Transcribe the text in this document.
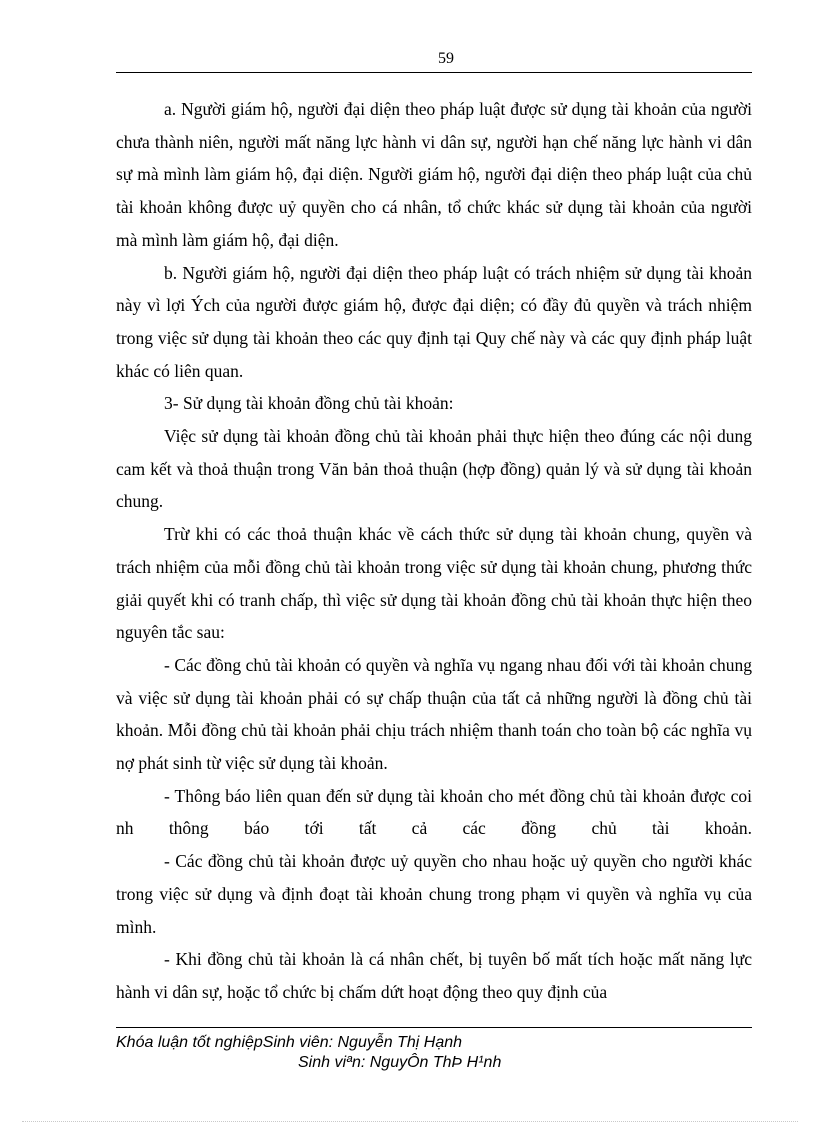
59

a. Người giám hộ, người đại diện theo pháp luật được sử dụng tài khoản của người chưa thành niên, người mất năng lực hành vi dân sự, người hạn chế năng lực hành vi dân sự mà mình làm giám hộ, đại diện. Người giám hộ, người đại diện theo pháp luật của chủ tài khoản không được uỷ quyền cho cá nhân, tổ chức khác sử dụng tài khoản của người mà mình làm giám hộ, đại diện.

b. Người giám hộ, người đại diện theo pháp luật có trách nhiệm sử dụng tài khoản này vì lợi Ých của người được giám hộ, được đại diện; có đầy đủ quyền và trách nhiệm trong việc sử dụng tài khoản theo các quy định tại Quy chế này và các quy định pháp luật khác có liên quan.

3- Sử dụng tài khoản đồng chủ tài khoản:

Việc sử dụng tài khoản đồng chủ tài khoản phải thực hiện theo đúng các nội dung cam kết và thoả thuận trong Văn bản thoả thuận (hợp đồng) quản lý và sử dụng tài khoản chung.

Trừ khi có các thoả thuận khác về cách thức sử dụng tài khoản chung, quyền và trách nhiệm của mỗi đồng chủ tài khoản trong việc sử dụng tài khoản chung, phương thức giải quyết khi có tranh chấp, thì việc sử dụng tài khoản đồng chủ tài khoản thực hiện theo nguyên tắc sau:

- Các đồng chủ tài khoản có quyền và nghĩa vụ ngang nhau đối với tài khoản chung và việc sử dụng tài khoản phải có sự chấp thuận của tất cả những người là đồng chủ tài khoản. Mỗi đồng chủ tài khoản phải chịu trách nhiệm thanh toán cho toàn bộ các nghĩa vụ nợ phát sinh từ việc sử dụng tài khoản.

- Thông báo liên quan đến sử dụng tài khoản cho mét đồng chủ tài khoản được coi nh thông báo tới tất cả các đồng chủ tài khoản.

- Các đồng chủ tài khoản được uỷ quyền cho nhau hoặc uỷ quyền cho người khác trong việc sử dụng và định đoạt tài khoản chung trong phạm vi quyền và nghĩa vụ của mình.

- Khi đồng chủ tài khoản là cá nhân chết, bị tuyên bố mất tích hoặc mất năng lực hành vi dân sự, hoặc tổ chức bị chấm dứt hoạt động theo quy định của

Khóa luận tốt nghiệpSinh viên: Nguyễn Thị Hạnh
Sinh viªn: NguyÔn ThÞ H¹nh
